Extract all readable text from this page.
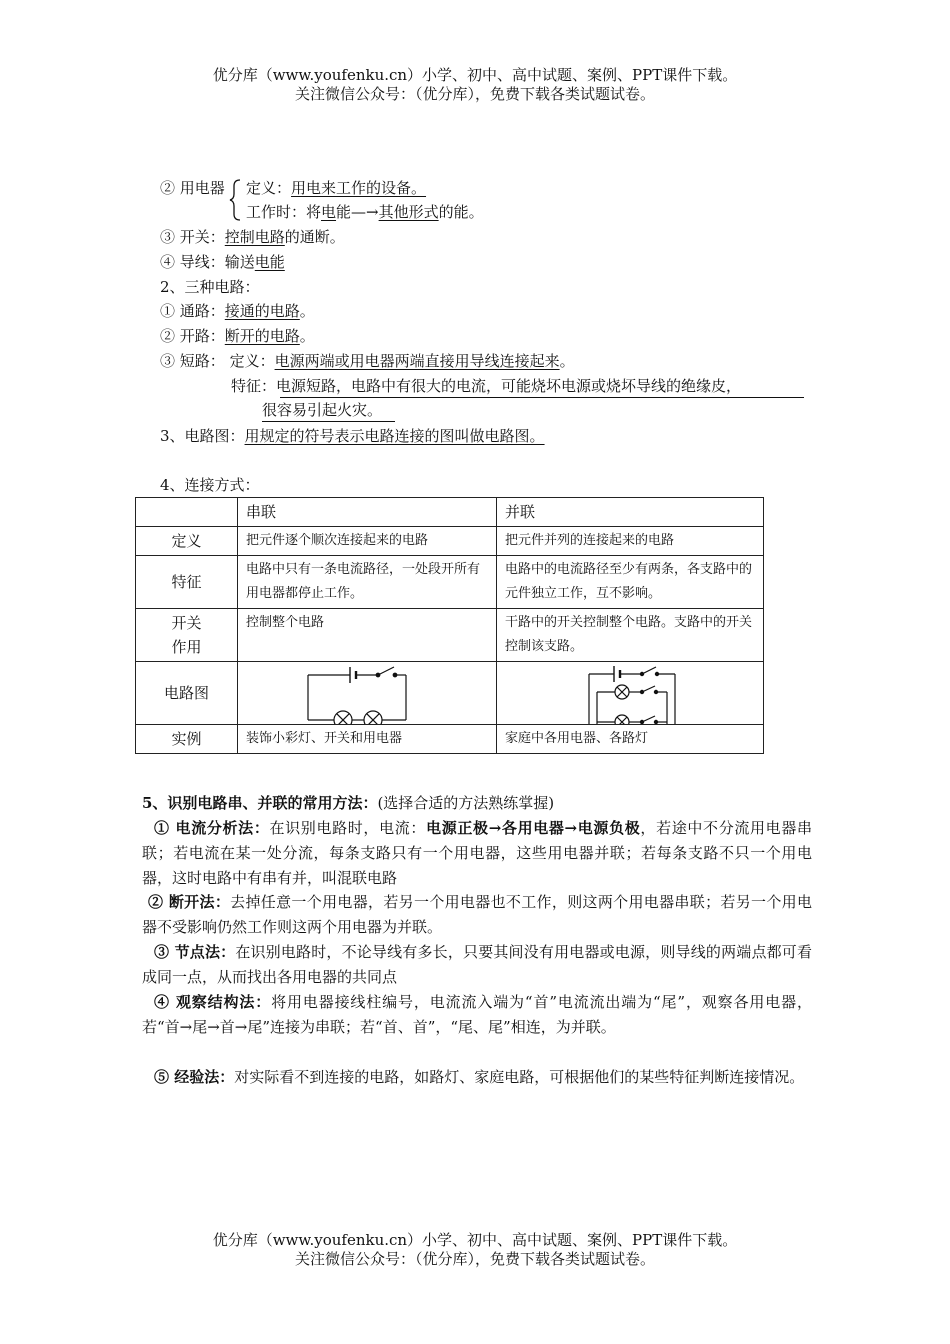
优分库（www.youfenku.cn）小学、初中、高中试题、案例、PPT课件下载。
关注微信公众号：（优分库），免费下载各类试题试卷。
② 用电器 定义：用电来工作的设备。
工作时：将电能—→其他形式的能。
③ 开关：控制电路的通断。
④ 导线：输送电能
2、三种电路：
① 通路：接通的电路。
② 开路：断开的电路。
③ 短路： 定义：电源两端或用电器两端直接用导线连接起来。
特征：电源短路，电路中有很大的电流，可能烧坏电源或烧坏导线的绝缘皮，
很容易引起火灾。
3、电路图：用规定的符号表示电路连接的图叫做电路图。
4、连接方式：
	串联	并联
定义	把元件逐个顺次连接起来的电路	把元件并列的连接起来的电路
特征	电路中只有一条电流路径，一处段开所有用电器都停止工作。	电路中的电流路径至少有两条，各支路中的元件独立工作，互不影响。

开关
作用	控制整个电路	干路中的开关控制整个电路。支路中的开关控制该支路。
电路图	

实例	装饰小彩灯、开关和用电器	家庭中各用电器、各路灯
5、识别电路串、并联的常用方法：(选择合适的方法熟练掌握)
① 电流分析法：在识别电路时，电流：电源正极→各用电器→电源负极，若途中不分流用电器串联；若电流在某一处分流，每条支路只有一个用电器，这些用电器并联；若每条支路不只一个用电器，这时电路中有串有并，叫混联电路
② 断开法：去掉任意一个用电器，若另一个用电器也不工作，则这两个用电器串联；若另一个用电器不受影响仍然工作则这两个用电器为并联。
③ 节点法：在识别电路时，不论导线有多长，只要其间没有用电器或电源，则导线的两端点都可看成同一点，从而找出各用电器的共同点
④ 观察结构法：将用电器接线柱编号，电流流入端为“首”电流流出端为“尾”，观察各用电器，若“首→尾→首→尾”连接为串联；若“首、首”，“尾、尾”相连，为并联。
⑤ 经验法：对实际看不到连接的电路，如路灯、家庭电路，可根据他们的某些特征判断连接情况。
优分库（www.youfenku.cn）小学、初中、高中试题、案例、PPT课件下载。
关注微信公众号：（优分库），免费下载各类试题试卷。
